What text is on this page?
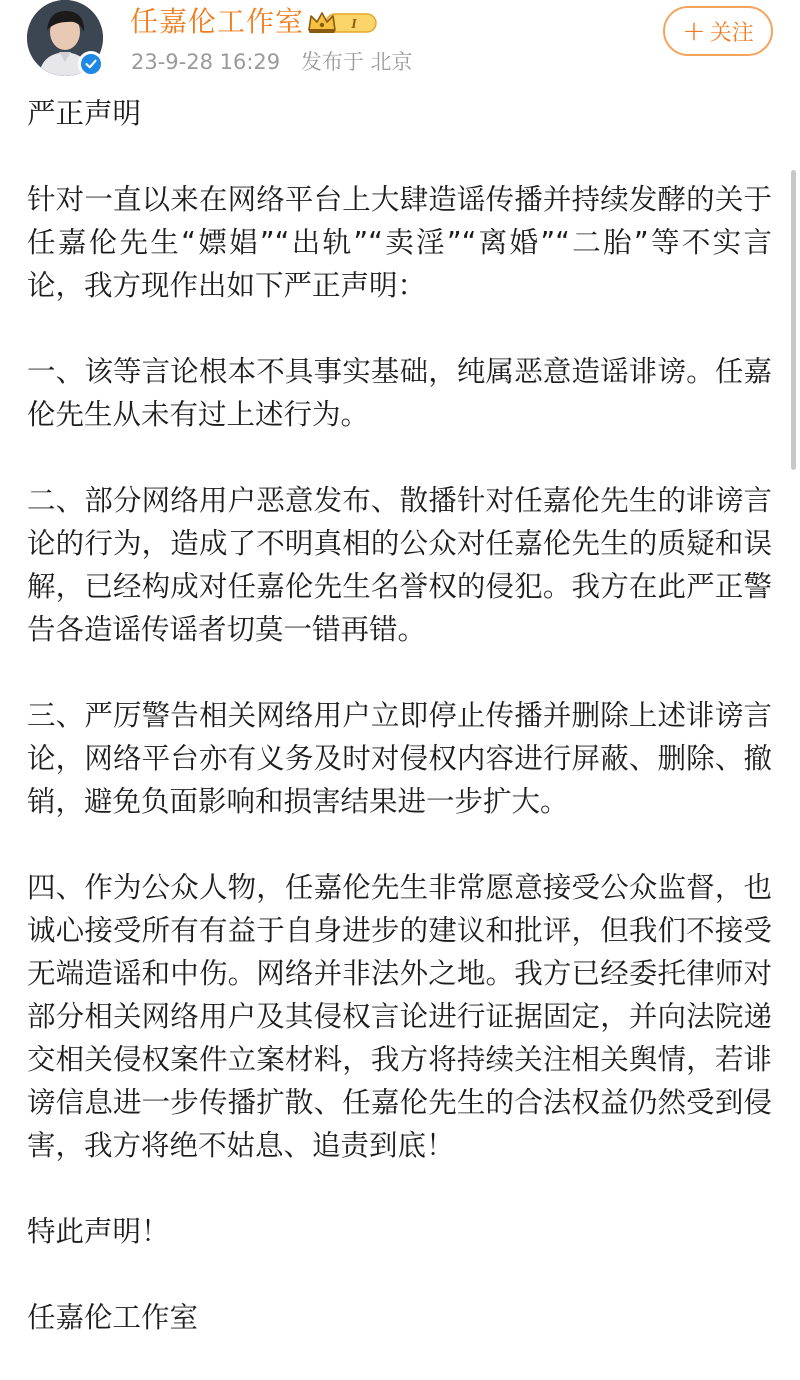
任嘉伦工作室	I
23-9-28 16:29 发布于 北京
+ 关注

严正声明

针对一直以来在网络平台上大肆造谣传播并持续发酵的关于任嘉伦先生“嫖娼”“出轨”“卖淫”“离婚”“二胎”等不实言论，我方现作出如下严正声明：

一、该等言论根本不具事实基础，纯属恶意造谣诽谤。任嘉伦先生从未有过上述行为。

二、部分网络用户恶意发布、散播针对任嘉伦先生的诽谤言论的行为，造成了不明真相的公众对任嘉伦先生的质疑和误解，已经构成对任嘉伦先生名誉权的侵犯。我方在此严正警告各造谣传谣者切莫一错再错。

三、严厉警告相关网络用户立即停止传播并删除上述诽谤言论，网络平台亦有义务及时对侵权内容进行屏蔽、删除、撤销，避免负面影响和损害结果进一步扩大。

四、作为公众人物，任嘉伦先生非常愿意接受公众监督，也诚心接受所有有益于自身进步的建议和批评，但我们不接受无端造谣和中伤。网络并非法外之地。我方已经委托律师对部分相关网络用户及其侵权言论进行证据固定，并向法院递交相关侵权案件立案材料，我方将持续关注相关舆情，若诽谤信息进一步传播扩散、任嘉伦先生的合法权益仍然受到侵害，我方将绝不姑息、追责到底！

特此声明！

任嘉伦工作室
